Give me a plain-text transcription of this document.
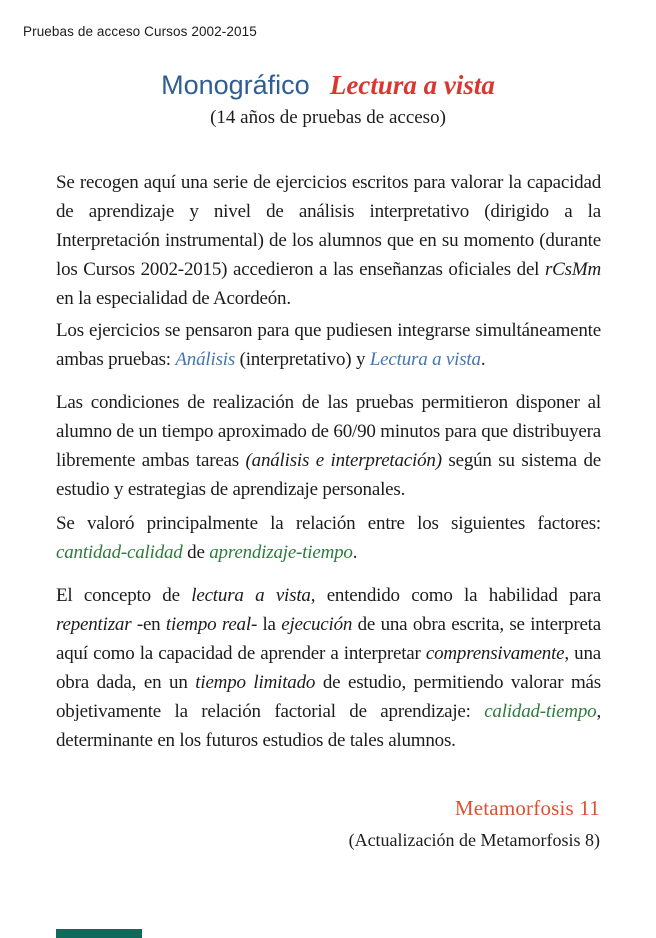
Pruebas de acceso Cursos 2002-2015
Monográfico Lectura a vista
(14 años de pruebas de acceso)

Se recogen aquí una serie de ejercicios escritos para valorar la capacidad de aprendizaje y nivel de análisis interpretativo (dirigido a la Interpretación instrumental) de los alumnos que en su momento (durante los Cursos 2002-2015) accedieron a las enseñanzas oficiales del rCsMm en la especialidad de Acordeón.

Los ejercicios se pensaron para que pudiesen integrarse simultáneamente ambas pruebas: Análisis (interpretativo) y Lectura a vista.

Las condiciones de realización de las pruebas permitieron disponer al alumno de un tiempo aproximado de 60/90 minutos para que distribuyera libremente ambas tareas (análisis e interpretación) según su sistema de estudio y estrategias de aprendizaje personales.

Se valoró principalmente la relación entre los siguientes factores: cantidad-calidad de aprendizaje-tiempo.

El concepto de lectura a vista, entendido como la habilidad para repentizar -en tiempo real- la ejecución de una obra escrita, se interpreta aquí como la capacidad de aprender a interpretar comprensivamente, una obra dada, en un tiempo limitado de estudio, permitiendo valorar más objetivamente la relación factorial de aprendizaje: calidad-tiempo, determinante en los futuros estudios de tales alumnos.

Metamorfosis 11
(Actualización de Metamorfosis 8)
